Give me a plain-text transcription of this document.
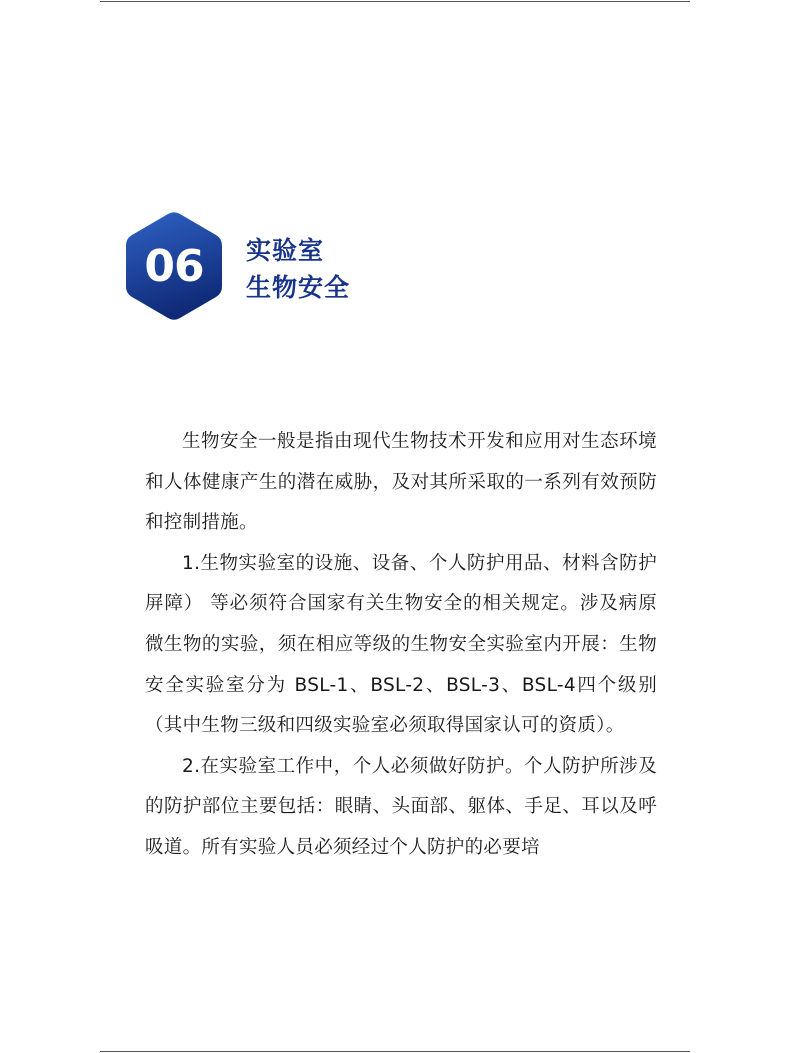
06	实验室
生物安全

生物安全一般是指由现代生物技术开发和应用对生态环境和人体健康产生的潜在威胁，及对其所采取的一系列有效预防和控制措施。

1.生物实验室的设施、设备、个人防护用品、材料含防护屏障） 等必须符合国家有关生物安全的相关规定。涉及病原微生物的实验，须在相应等级的生物安全实验室内开展：生物安全实验室分为 BSL-1、BSL-2、BSL-3、BSL-4四个级别（其中生物三级和四级实验室必须取得国家认可的资质）。

2.在实验室工作中，个人必须做好防护。个人防护所涉及的防护部位主要包括：眼睛、头面部、躯体、手足、耳以及呼吸道。所有实验人员必须经过个人防护的必要培
